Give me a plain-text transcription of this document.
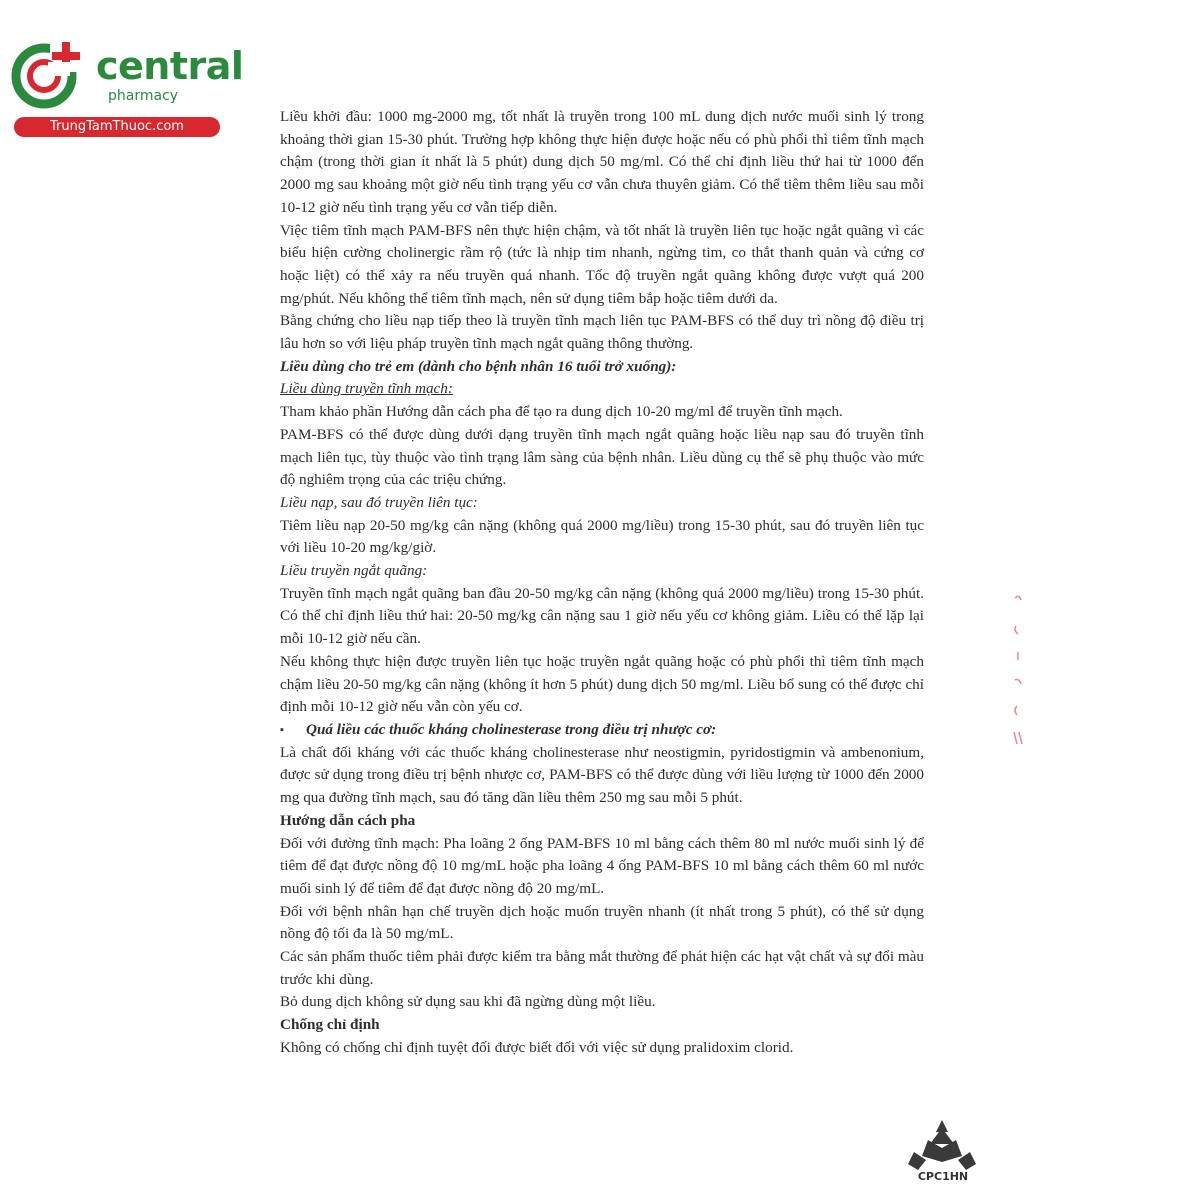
central
pharmacy
TrungTamThuoc.com

Liều khởi đầu: 1000 mg-2000 mg, tốt nhất là truyền trong 100 mL dung dịch nước muối sinh lý trong khoảng thời gian 15-30 phút. Trường hợp không thực hiện được hoặc nếu có phù phổi thì tiêm tĩnh mạch chậm (trong thời gian ít nhất là 5 phút) dung dịch 50 mg/ml. Có thể chỉ định liều thứ hai từ 1000 đến 2000 mg sau khoảng một giờ nếu tình trạng yếu cơ vẫn chưa thuyên giảm. Có thể tiêm thêm liều sau mỗi 10-12 giờ nếu tình trạng yếu cơ vẫn tiếp diễn.

Việc tiêm tĩnh mạch PAM-BFS nên thực hiện chậm, và tốt nhất là truyền liên tục hoặc ngắt quãng vì các biểu hiện cường cholinergic rầm rộ (tức là nhịp tim nhanh, ngừng tim, co thắt thanh quản và cứng cơ hoặc liệt) có thể xảy ra nếu truyền quá nhanh. Tốc độ truyền ngắt quãng không được vượt quá 200 mg/phút. Nếu không thể tiêm tĩnh mạch, nên sử dụng tiêm bắp hoặc tiêm dưới da.

Bằng chứng cho liều nạp tiếp theo là truyền tĩnh mạch liên tục PAM-BFS có thể duy trì nồng độ điều trị lâu hơn so với liệu pháp truyền tĩnh mạch ngắt quãng thông thường.

Liều dùng cho trẻ em (dành cho bệnh nhân 16 tuổi trở xuống):

Liều dùng truyền tĩnh mạch:

Tham khảo phần Hướng dẫn cách pha để tạo ra dung dịch 10-20 mg/ml để truyền tĩnh mạch.

PAM-BFS có thể được dùng dưới dạng truyền tĩnh mạch ngắt quãng hoặc liều nạp sau đó truyền tĩnh mạch liên tục, tùy thuộc vào tình trạng lâm sàng của bệnh nhân. Liều dùng cụ thể sẽ phụ thuộc vào mức độ nghiêm trọng của các triệu chứng.

Liều nạp, sau đó truyền liên tục:

Tiêm liều nạp 20-50 mg/kg cân nặng (không quá 2000 mg/liều) trong 15-30 phút, sau đó truyền liên tục với liều 10-20 mg/kg/giờ.

Liều truyền ngắt quãng:

Truyền tĩnh mạch ngắt quãng ban đầu 20-50 mg/kg cân nặng (không quá 2000 mg/liều) trong 15-30 phút. Có thể chỉ định liều thứ hai: 20-50 mg/kg cân nặng sau 1 giờ nếu yếu cơ không giảm. Liều có thể lặp lại mỗi 10-12 giờ nếu cần.

Nếu không thực hiện được truyền liên tục hoặc truyền ngắt quãng hoặc có phù phổi thì tiêm tĩnh mạch chậm liều 20-50 mg/kg cân nặng (không ít hơn 5 phút) dung dịch 50 mg/ml. Liều bổ sung có thể được chỉ định mỗi 10-12 giờ nếu vẫn còn yếu cơ.

▪	Quá liều các thuốc kháng cholinesterase trong điều trị nhược cơ:

Là chất đối kháng với các thuốc kháng cholinesterase như neostigmin, pyridostigmin và ambenonium, được sử dụng trong điều trị bệnh nhược cơ, PAM-BFS có thể được dùng với liều lượng từ 1000 đến 2000 mg qua đường tĩnh mạch, sau đó tăng dần liều thêm 250 mg sau mỗi 5 phút.

Hướng dẫn cách pha

Đối với đường tĩnh mạch: Pha loãng 2 ống PAM-BFS 10 ml bằng cách thêm 80 ml nước muối sinh lý để tiêm để đạt được nồng độ 10 mg/mL hoặc pha loãng 4 ống PAM-BFS 10 ml bằng cách thêm 60 ml nước muối sinh lý để tiêm để đạt được nồng độ 20 mg/mL.

Đối với bệnh nhân hạn chế truyền dịch hoặc muốn truyền nhanh (ít nhất trong 5 phút), có thể sử dụng nồng độ tối đa là 50 mg/mL.

Các sản phẩm thuốc tiêm phải được kiểm tra bằng mắt thường để phát hiện các hạt vật chất và sự đổi màu trước khi dùng.

Bỏ dung dịch không sử dụng sau khi đã ngừng dùng một liều.

Chống chỉ định

Không có chống chỉ định tuyệt đối được biết đối với việc sử dụng pralidoxim clorid.

CPC1HN
